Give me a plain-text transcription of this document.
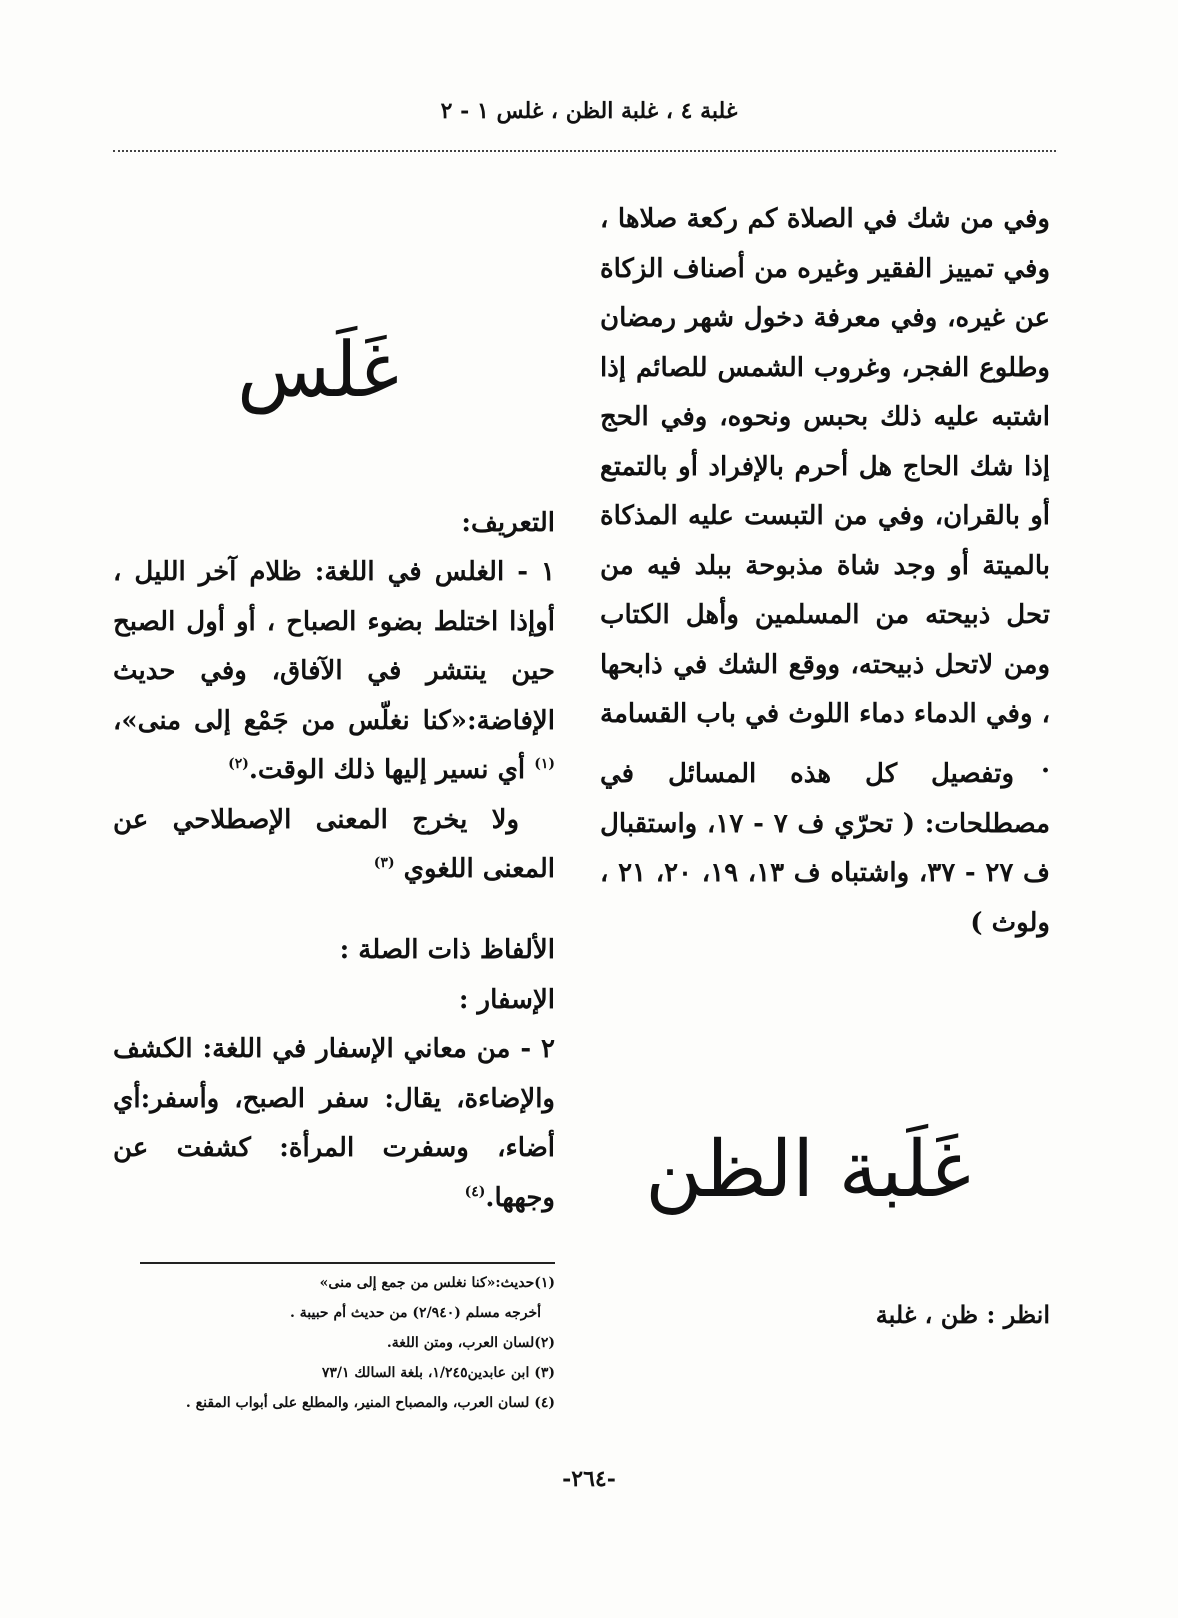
غلبة ٤ ، غلبة الظن ، غلس ١ - ٢

وفي من شك في الصلاة كم ركعة صلاها ، وفي تمييز الفقير وغيره من أصناف الزكاة عن غيره، وفي معرفة دخول شهر رمضان وطلوع الفجر، وغروب الشمس للصائم إذا اشتبه عليه ذلك بحبس ونحوه، وفي الحج إذا شك الحاج هل أحرم بالإفراد أو بالتمتع أو بالقران، وفي من التبست عليه المذكاة بالميتة أو وجد شاة مذبوحة ببلد فيه من تحل ذبيحته من المسلمين وأهل الكتاب ومن لاتحل ذبيحته، ووقع الشك في ذابحها ، وفي الدماء دماء اللوث في باب القسامة .

وتفصيل كل هذه المسائل في مصطلحات: ( تحرّي ف ٧ - ١٧، واستقبال ف ٢٧ - ٣٧، واشتباه ف ١٣، ١٩، ٢٠، ٢١ ، ولوث )

غَلَس

التعريف:

١ - الغلس في اللغة: ظلام آخر الليل ، أوإذا اختلط بضوء الصباح ، أو أول الصبح حين ينتشر في الآفاق، وفي حديث الإفاضة:«كنا نغلّس من جَمْع إلى منى»،$^{(١)}$ أي نسير إليها ذلك الوقت.$^{(٢)}$

ولا يخرج المعنى الإصطلاحي عن المعنى اللغوي $^{(٣)}$

الألفاظ ذات الصلة :

الإسفار :

٢ - من معاني الإسفار في اللغة: الكشف والإضاءة، يقال: سفر الصبح، وأسفر:أي أضاء، وسفرت المرأة: كشفت عن وجهها.$^{(٤)}$	غَلَبة الظن
انظر : ظن ، غلبة

(١)حديث:«كنا نغلس من جمع إلى منى»

أخرجه مسلم (٢/٩٤٠) من حديث أم حبيبة .

(٢)لسان العرب، ومتن اللغة.

(٣) ابن عابدين١/٢٤٥، بلغة السالك ٧٣/١

(٤) لسان العرب، والمصباح المنير، والمطلع على أبواب المقنع .

-٢٦٤-
